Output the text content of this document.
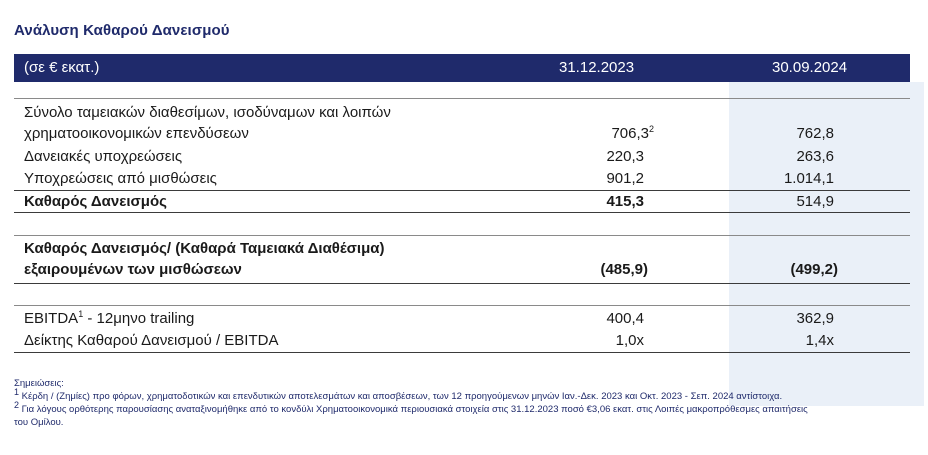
Ανάλυση Καθαρού Δανεισμού
(σε € εκατ.)	31.12.2023	30.09.2024
Σύνολο ταμειακών διαθεσίμων, ισοδύναμων και λοιπών
χρηματοοικονομικών επενδύσεων	706,3$^2$	762,8
Δανειακές υποχρεώσεις	220,3	263,6
Υποχρεώσεις από μισθώσεις	901,2	1.014,1
Καθαρός Δανεισμός	415,3	514,9
Καθαρός Δανεισμός/ (Καθαρά Ταμειακά Διαθέσιμα)
εξαιρουμένων των μισθώσεων	(485,9)	(499,2)
EBITDA$^1$ - 12μηνο trailing	400,4	362,9
Δείκτης Καθαρού Δανεισμού / EBITDA	1,0x	1,4x
Σημειώσεις:
$^1$ Κέρδη / (Ζημίες) προ φόρων, χρηματοδοτικών και επενδυτικών αποτελεσμάτων και αποσβέσεων, των 12 προηγούμενων μηνών Ιαν.-Δεκ. 2023 και Οκτ. 2023 - Σεπ. 2024 αντίστοιχα.
$^2$ Για λόγους ορθότερης παρουσίασης αναταξινομήθηκε από το κονδύλι Χρηματοοικονομικά περιουσιακά στοιχεία στις 31.12.2023 ποσό €3,06 εκατ. στις Λοιπές μακροπρόθεσμες απαιτήσεις
του Ομίλου.
